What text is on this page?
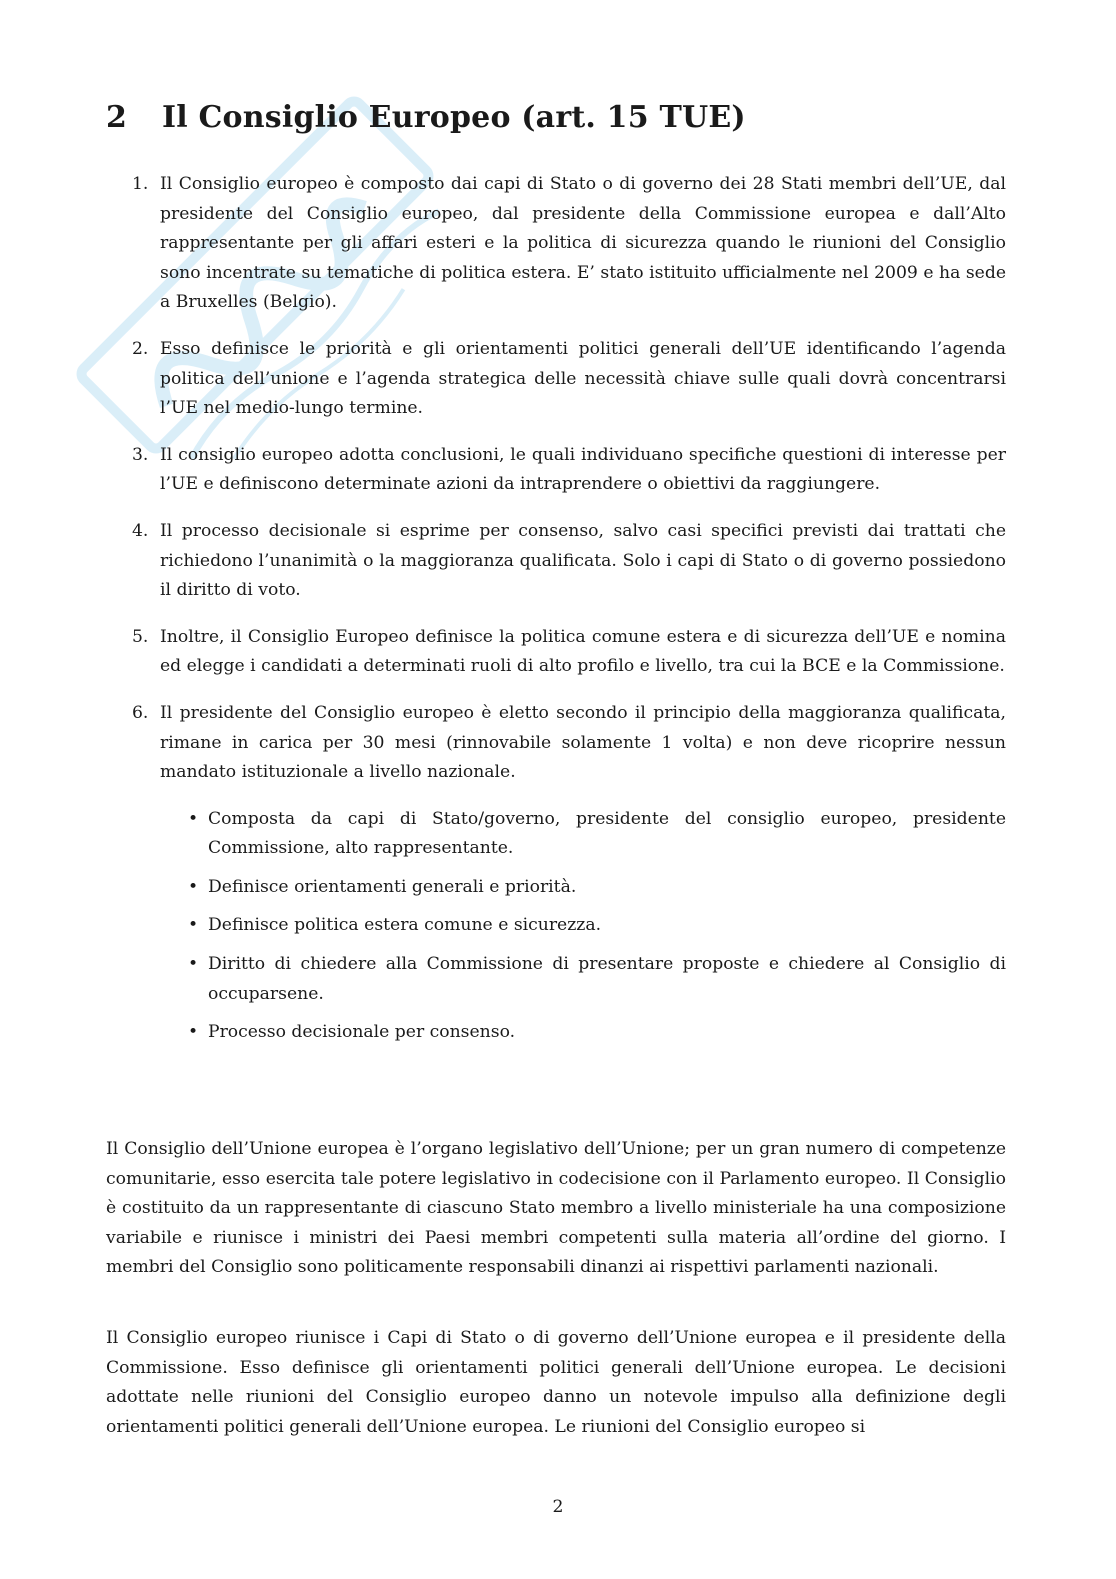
2 Il Consiglio Europeo (art. 15 TUE)
1. Il Consiglio europeo è composto dai capi di Stato o di governo dei 28 Stati membri dell’UE, dal presidente del Consiglio europeo, dal presidente della Commissione europea e dall’Alto rappresentante per gli affari esteri e la politica di sicurezza quando le riunioni del Consiglio sono incentrate su tematiche di politica estera. E’ stato istituito ufficialmente nel 2009 e ha sede a Bruxelles (Belgio).
2. Esso definisce le priorità e gli orientamenti politici generali dell’UE identificando l’agenda politica dell’unione e l’agenda strategica delle necessità chiave sulle quali dovrà concentrarsi l’UE nel medio-lungo termine.
3. Il consiglio europeo adotta conclusioni, le quali individuano specifiche questioni di interesse per l’UE e definiscono determinate azioni da intraprendere o obiettivi da raggiungere.
4. Il processo decisionale si esprime per consenso, salvo casi specifici previsti dai trattati che richiedono l’unanimità o la maggioranza qualificata. Solo i capi di Stato o di governo possiedono il diritto di voto.
5. Inoltre, il Consiglio Europeo definisce la politica comune estera e di sicurezza dell’UE e nomina ed elegge i candidati a determinati ruoli di alto profilo e livello, tra cui la BCE e la Commissione.
6. Il presidente del Consiglio europeo è eletto secondo il principio della maggioranza qualificata, rimane in carica per 30 mesi (rinnovabile solamente 1 volta) e non deve ricoprire nessun mandato istituzionale a livello nazionale.
• Composta da capi di Stato/governo, presidente del consiglio europeo, presidente Commissione, alto rappresentante.
• Definisce orientamenti generali e priorità.
• Definisce politica estera comune e sicurezza.
• Diritto di chiedere alla Commissione di presentare proposte e chiedere al Consiglio di occuparsene.
• Processo decisionale per consenso.

Il Consiglio dell’Unione europea è l’organo legislativo dell’Unione; per un gran numero di competenze comunitarie, esso esercita tale potere legislativo in codecisione con il Parlamento europeo. Il Consiglio è costituito da un rappresentante di ciascuno Stato membro a livello ministeriale ha una composizione variabile e riunisce i ministri dei Paesi membri competenti sulla materia all’ordine del giorno. I membri del Consiglio sono politicamente responsabili dinanzi ai rispettivi parlamenti nazionali.

Il Consiglio europeo riunisce i Capi di Stato o di governo dell’Unione europea e il presidente della Commissione. Esso definisce gli orientamenti politici generali dell’Unione europea. Le decisioni adottate nelle riunioni del Consiglio europeo danno un notevole impulso alla definizione degli orientamenti politici generali dell’Unione europea. Le riunioni del Consiglio europeo si

2
